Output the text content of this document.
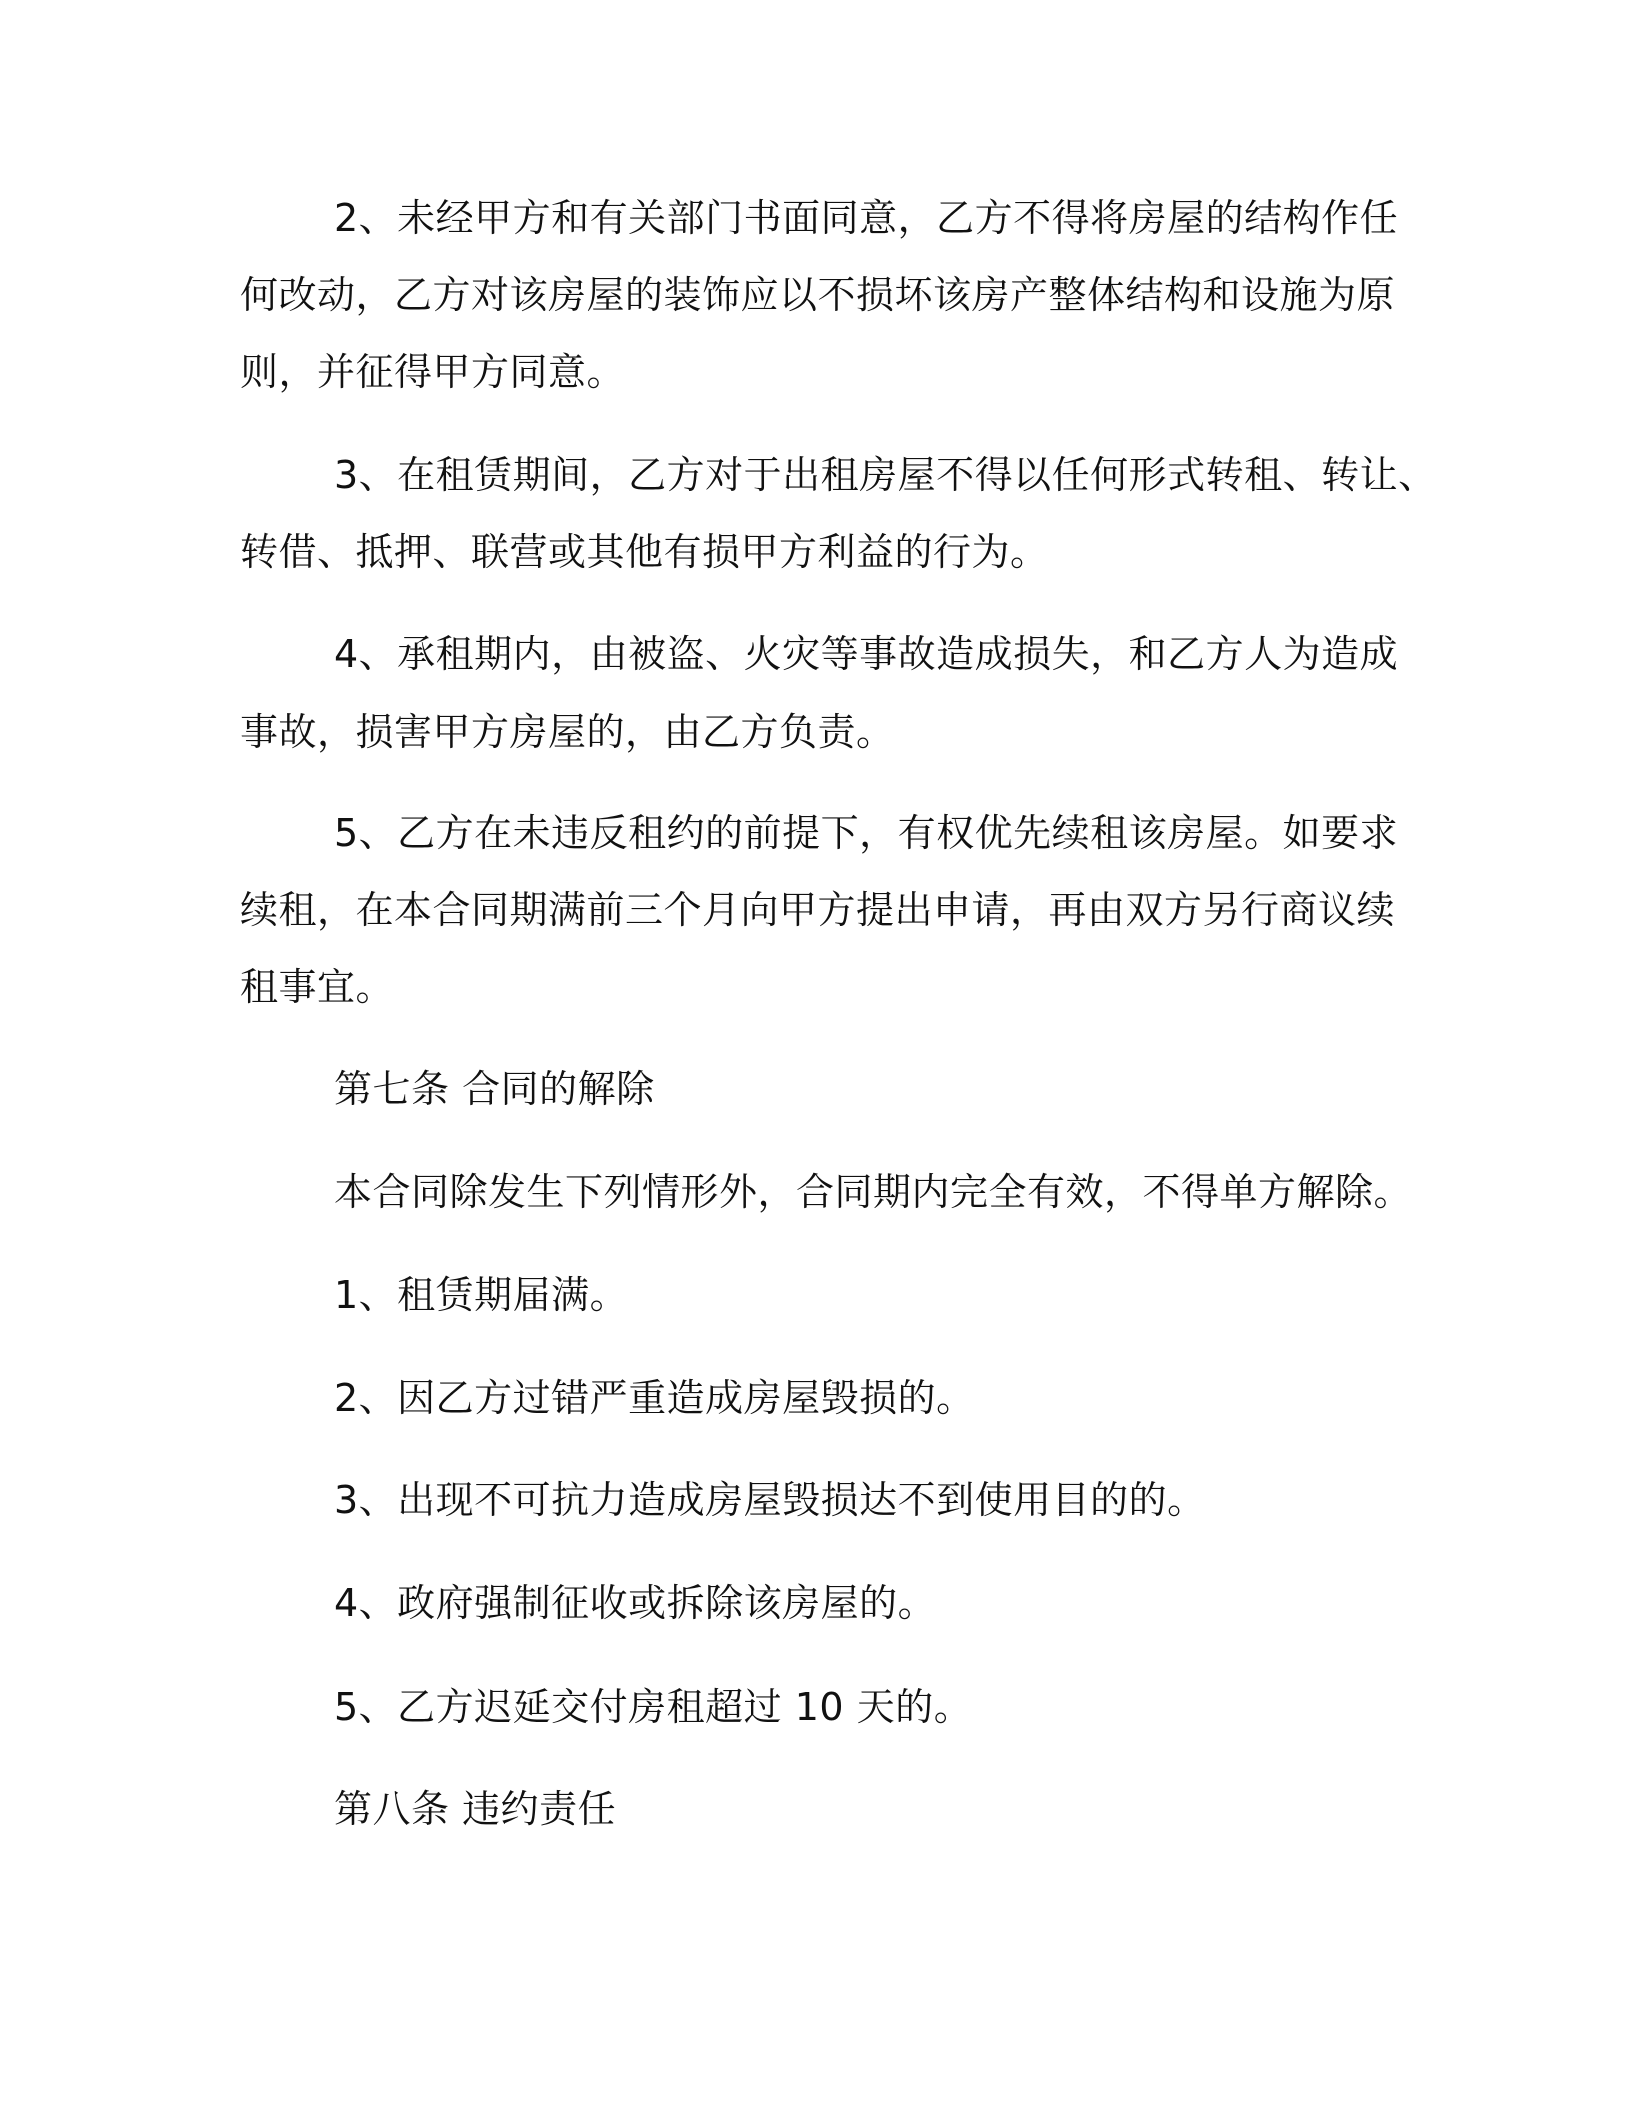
2、未经甲方和有关部门书面同意，乙方不得将房屋的结构作任
何改动，乙方对该房屋的装饰应以不损坏该房产整体结构和设施为原
则，并征得甲方同意。
3、在租赁期间，乙方对于出租房屋不得以任何形式转租、转让、
转借、抵押、联营或其他有损甲方利益的行为。
4、承租期内，由被盗、火灾等事故造成损失，和乙方人为造成
事故，损害甲方房屋的，由乙方负责。
5、乙方在未违反租约的前提下，有权优先续租该房屋。如要求
续租，在本合同期满前三个月向甲方提出申请，再由双方另行商议续
租事宜。
第七条 合同的解除
本合同除发生下列情形外，合同期内完全有效，不得单方解除。
1、租赁期届满。
2、因乙方过错严重造成房屋毁损的。
3、出现不可抗力造成房屋毁损达不到使用目的的。
4、政府强制征收或拆除该房屋的。
5、乙方迟延交付房租超过 10 天的。
第八条 违约责任
